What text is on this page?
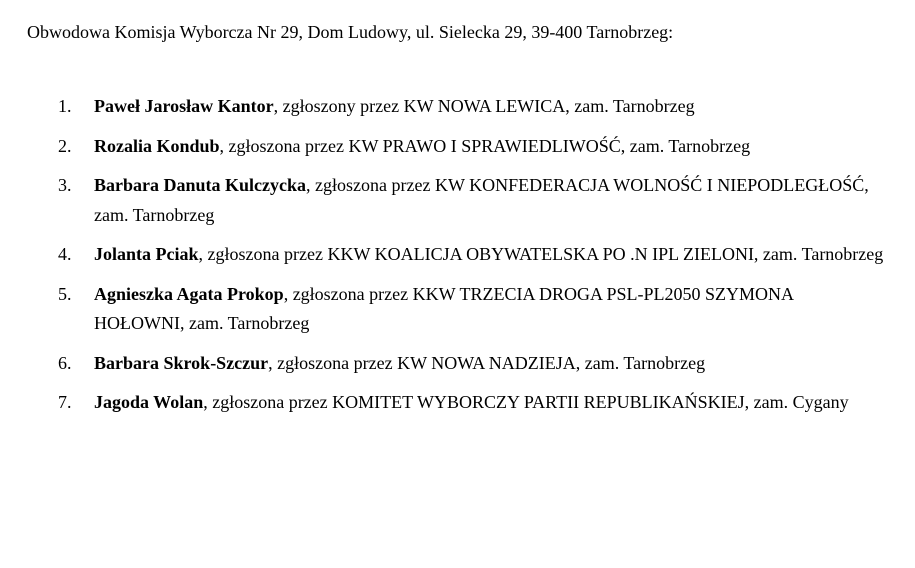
Obwodowa Komisja Wyborcza Nr 29, Dom Ludowy, ul. Sielecka 29, 39-400 Tarnobrzeg:

1.	Paweł Jarosław Kantor, zgłoszony przez KW NOWA LEWICA, zam. Tarnobrzeg
2.	Rozalia Kondub, zgłoszona przez KW PRAWO I SPRAWIEDLIWOŚĆ, zam. Tarnobrzeg
3.	Barbara Danuta Kulczycka, zgłoszona przez KW KONFEDERACJA WOLNOŚĆ I NIEPODLEGŁOŚĆ, zam. Tarnobrzeg
4.	Jolanta Pciak, zgłoszona przez KKW KOALICJA OBYWATELSKA PO .N IPL ZIELONI, zam. Tarnobrzeg
5.	Agnieszka Agata Prokop, zgłoszona przez KKW TRZECIA DROGA PSL-PL2050 SZYMONA HOŁOWNI, zam. Tarnobrzeg
6.	Barbara Skrok-Szczur, zgłoszona przez KW NOWA NADZIEJA, zam. Tarnobrzeg
7.	Jagoda Wolan, zgłoszona przez KOMITET WYBORCZY PARTII REPUBLIKAŃSKIEJ, zam. Cygany
